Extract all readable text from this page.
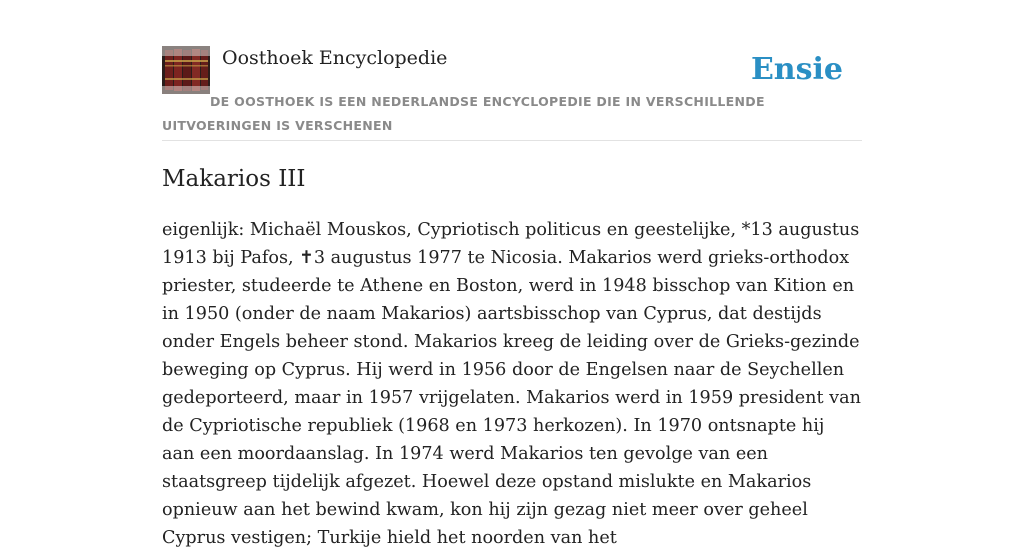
Oosthoek Encyclopedie	Ensie
DE OOSTHOEK IS EEN NEDERLANDSE ENCYCLOPEDIE DIE IN VERSCHILLENDE UITVOERINGEN IS VERSCHENEN
Makarios III

eigenlijk: Michaël Mouskos, Cypriotisch politicus en geestelijke, *13 augustus 1913 bij Pafos, ✝3 augustus 1977 te Nicosia. Makarios werd grieks-orthodox priester, studeerde te Athene en Boston, werd in 1948 bisschop van Kition en in 1950 (onder de naam Makarios) aartsbisschop van Cyprus, dat destijds onder Engels beheer stond. Makarios kreeg de leiding over de Grieks-gezinde beweging op Cyprus. Hij werd in 1956 door de Engelsen naar de Seychellen gedeporteerd, maar in 1957 vrijgelaten. Makarios werd in 1959 president van de Cypriotische republiek (1968 en 1973 herkozen). In 1970 ontsnapte hij aan een moordaanslag. In 1974 werd Makarios ten gevolge van een staatsgreep tijdelijk afgezet. Hoewel deze opstand mislukte en Makarios opnieuw aan het bewind kwam, kon hij zijn gezag niet meer over geheel Cyprus vestigen; Turkije hield het noorden van het
